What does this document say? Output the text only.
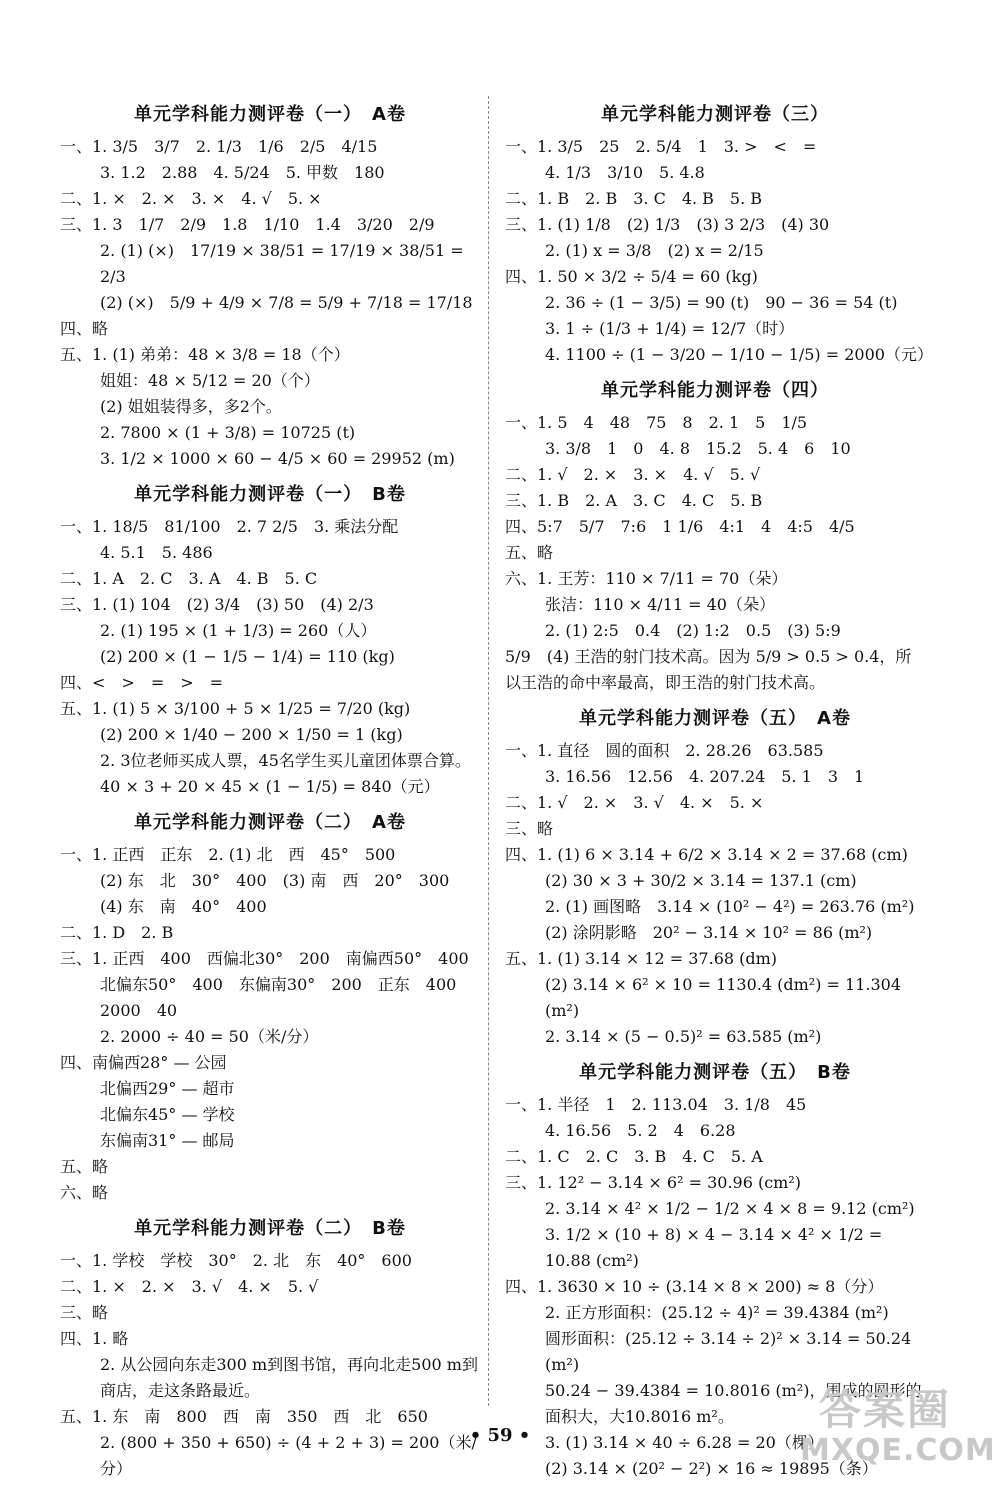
单元学科能力测评卷（一）　A卷
一、1. 3/5　3/7　2. 1/3　1/6　2/5　4/15
3. 1.2　2.88　4. 5/24　5. 甲数　180
二、1. ×　2. ×　3. ×　4. √　5. ×
三、1. 3　1/7　2/9　1.8　1/10　1.4　3/20　2/9
2. (1) (×)　17/19 × 38/51 = 17/19 × 38/51 = 2/3
(2) (×)　5/9 + 4/9 × 7/8 = 5/9 + 7/18 = 17/18
四、略
五、1. (1) 弟弟：48 × 3/8 = 18（个）
姐姐：48 × 5/12 = 20（个）
(2) 姐姐装得多，多2个。
2. 7800 × (1 + 3/8) = 10725 (t)
3. 1/2 × 1000 × 60 − 4/5 × 60 = 29952 (m)
单元学科能力测评卷（一）　B卷
一、1. 18/5　81/100　2. 7 2/5　3. 乘法分配
4. 5.1　5. 486
二、1. A　2. C　3. A　4. B　5. C
三、1. (1) 104　(2) 3/4　(3) 50　(4) 2/3
2. (1) 195 × (1 + 1/3) = 260（人）
(2) 200 × (1 − 1/5 − 1/4) = 110 (kg)
四、<　>　=　>　=
五、1. (1) 5 × 3/100 + 5 × 1/25 = 7/20 (kg)
(2) 200 × 1/40 − 200 × 1/50 = 1 (kg)
2. 3位老师买成人票，45名学生买儿童团体票合算。
40 × 3 + 20 × 45 × (1 − 1/5) = 840（元）
单元学科能力测评卷（二）　A卷
一、1. 正西　正东　2. (1) 北　西　45°　500
(2) 东　北　30°　400　(3) 南　西　20°　300
(4) 东　南　40°　400
二、1. D　2. B
三、1. 正西　400　西偏北30°　200　南偏西50°　400
北偏东50°　400　东偏南30°　200　正东　400
2000　40
2. 2000 ÷ 40 = 50（米/分）
四、南偏西28° — 公园
北偏西29° — 超市
北偏东45° — 学校
东偏南31° — 邮局
五、略
六、略
单元学科能力测评卷（二）　B卷
一、1. 学校　学校　30°　2. 北　东　40°　600
二、1. ×　2. ×　3. √　4. ×　5. √
三、略
四、1. 略
2. 从公园向东走300 m到图书馆，再向北走500 m到商店，走这条路最近。
五、1. 东　南　800　西　南　350　西　北　650
2. (800 + 350 + 650) ÷ (4 + 2 + 3) = 200（米/分）
单元学科能力测评卷（三）
一、1. 3/5　25　2. 5/4　1　3. >　<　=
4. 1/3　3/10　5. 4.8
二、1. B　2. B　3. C　4. B　5. B
三、1. (1) 1/8　(2) 1/3　(3) 3 2/3　(4) 30
2. (1) x = 3/8　(2) x = 2/15
四、1. 50 × 3/2 ÷ 5/4 = 60 (kg)
2. 36 ÷ (1 − 3/5) = 90 (t)　90 − 36 = 54 (t)
3. 1 ÷ (1/3 + 1/4) = 12/7（时）
4. 1100 ÷ (1 − 3/20 − 1/10 − 1/5) = 2000（元）
单元学科能力测评卷（四）
一、1. 5　4　48　75　8　2. 1　5　1/5
3. 3/8　1　0　4. 8　15.2　5. 4　6　10
二、1. √　2. ×　3. ×　4. √　5. √
三、1. B　2. A　3. C　4. C　5. B
四、5:7　5/7　7:6　1 1/6　4:1　4　4:5　4/5
五、略
六、1. 王芳：110 × 7/11 = 70（朵）
张洁：110 × 4/11 = 40（朵）
2. (1) 2:5　0.4　(2) 1:2　0.5　(3) 5:9
5/9　(4) 王浩的射门技术高。因为 5/9 > 0.5 > 0.4，所以王浩的命中率最高，即王浩的射门技术高。
单元学科能力测评卷（五）　A卷
一、1. 直径　圆的面积　2. 28.26　63.585
3. 16.56　12.56　4. 207.24　5. 1　3　1
二、1. √　2. ×　3. √　4. ×　5. ×
三、略
四、1. (1) 6 × 3.14 + 6/2 × 3.14 × 2 = 37.68 (cm)
(2) 30 × 3 + 30/2 × 3.14 = 137.1 (cm)
2. (1) 画图略　3.14 × (10² − 4²) = 263.76 (m²)
(2) 涂阴影略　20² − 3.14 × 10² = 86 (m²)
五、1. (1) 3.14 × 12 = 37.68 (dm)
(2) 3.14 × 6² × 10 = 1130.4 (dm²) = 11.304 (m²)
2. 3.14 × (5 − 0.5)² = 63.585 (m²)
单元学科能力测评卷（五）　B卷
一、1. 半径　1　2. 113.04　3. 1/8　45
4. 16.56　5. 2　4　6.28
二、1. C　2. C　3. B　4. C　5. A
三、1. 12² − 3.14 × 6² = 30.96 (cm²)
2. 3.14 × 4² × 1/2 − 1/2 × 4 × 8 = 9.12 (cm²)
3. 1/2 × (10 + 8) × 4 − 3.14 × 4² × 1/2 = 10.88 (cm²)
四、1. 3630 × 10 ÷ (3.14 × 8 × 200) ≈ 8（分）
2. 正方形面积：(25.12 ÷ 4)² = 39.4384 (m²)
圆形面积：(25.12 ÷ 3.14 ÷ 2)² × 3.14 = 50.24 (m²)
50.24 − 39.4384 = 10.8016 (m²)，围成的圆形的面积大，大10.8016 m²。
3. (1) 3.14 × 40 ÷ 6.28 = 20（棵）
(2) 3.14 × (20² − 2²) × 16 ≈ 19895（条）
• 59 •
答案圈
MXQE.COM
